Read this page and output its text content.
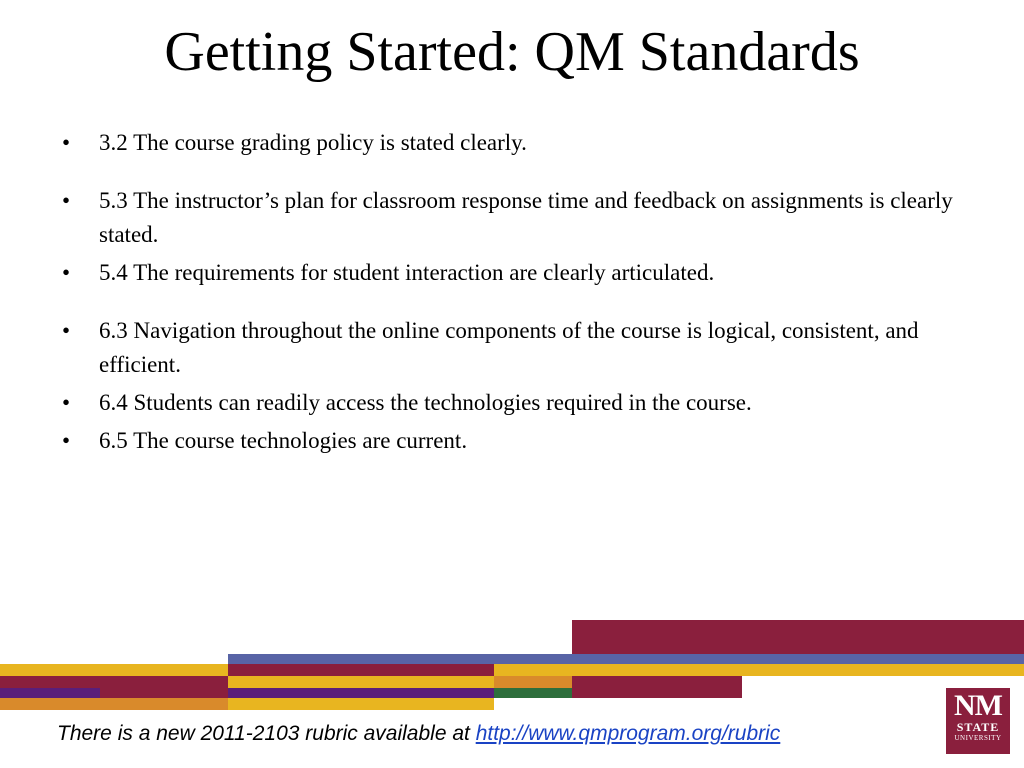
Getting Started: QM Standards
• 3.2 The course grading policy is stated clearly.
• 5.3 The instructor’s plan for classroom response time and feedback on assignments is clearly stated.
• 5.4 The requirements for student interaction are clearly articulated.
• 6.3 Navigation throughout the online components of the course is logical, consistent, and efficient.
• 6.4 Students can readily access the technologies required in the course.
• 6.5 The course technologies are current.
There is a new 2011-2103 rubric available at http://www.qmprogram.org/rubric
NM
STATE
UNIVERSITY
